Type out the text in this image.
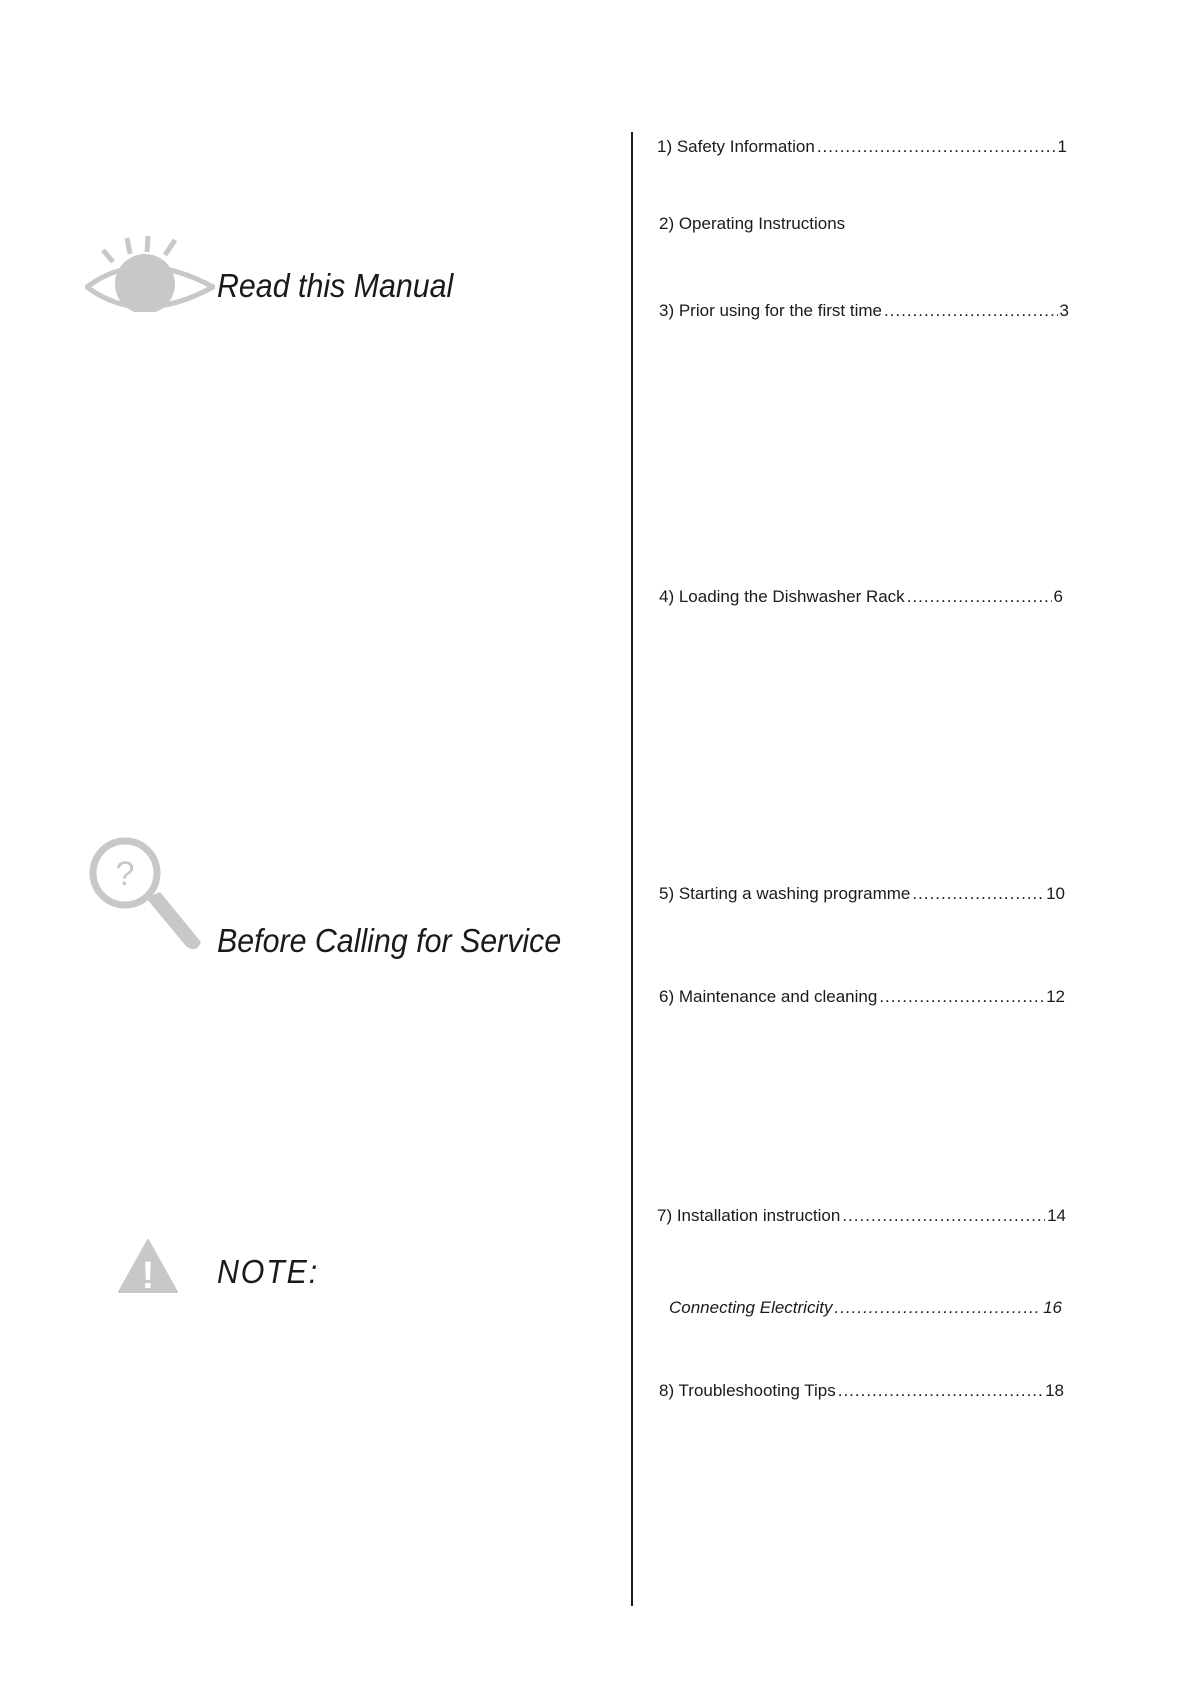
Read this Manual
?
Before Calling for Service
! NOTE:
1) Safety Information .....	1
2) Operating Instructions
3) Prior using for the first time .....	3
4) Loading the Dishwasher Rack .....	6
5) Starting a washing programme .....	10
6) Maintenance and cleaning .....	12
7) Installation instruction .....	14
Connecting Electricity .....	16
8) Troubleshooting Tips .....	18
